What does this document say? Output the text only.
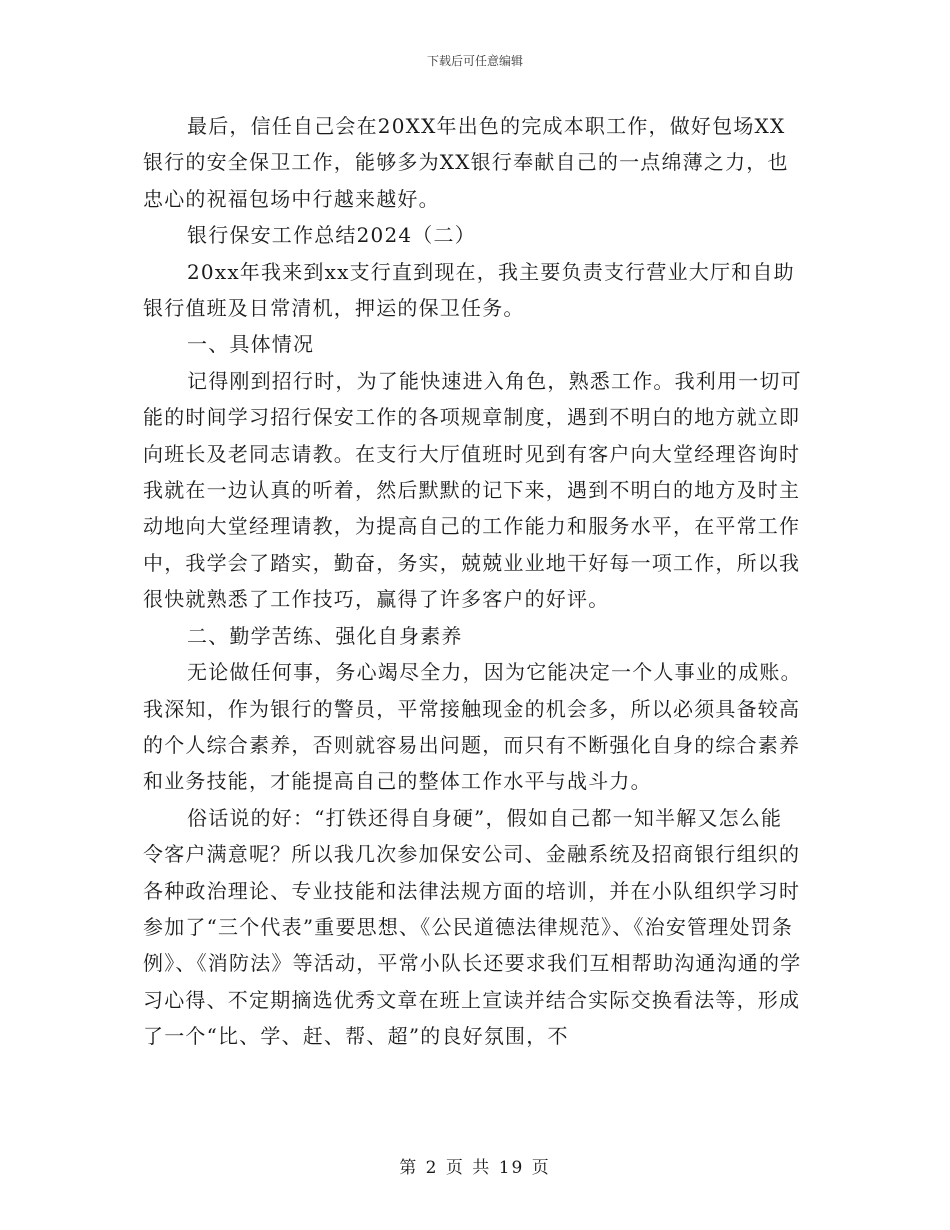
下载后可任意编辑

最后，信任自己会在20XX年出色的完成本职工作，做好包场XX银行的安全保卫工作，能够多为XX银行奉献自己的一点绵薄之力，也忠心的祝福包场中行越来越好。

银行保安工作总结2024（二）

20xx年我来到xx支行直到现在，我主要负责支行营业大厅和自助银行值班及日常清机，押运的保卫任务。

一、具体情况

记得刚到招行时，为了能快速进入角色，熟悉工作。我利用一切可能的时间学习招行保安工作的各项规章制度，遇到不明白的地方就立即向班长及老同志请教。在支行大厅值班时见到有客户向大堂经理咨询时我就在一边认真的听着，然后默默的记下来，遇到不明白的地方及时主动地向大堂经理请教，为提高自己的工作能力和服务水平，在平常工作中，我学会了踏实，勤奋，务实，兢兢业业地干好每一项工作，所以我很快就熟悉了工作技巧，赢得了许多客户的好评。

二、勤学苦练、强化自身素养

无论做任何事，务心竭尽全力，因为它能决定一个人事业的成账。我深知，作为银行的警员，平常接触现金的机会多，所以必须具备较高的个人综合素养，否则就容易出问题，而只有不断强化自身的综合素养和业务技能，才能提高自己的整体工作水平与战斗力。

俗话说的好：“打铁还得自身硬”，假如自己都一知半解又怎么能令客户满意呢？所以我几次参加保安公司、金融系统及招商银行组织的各种政治理论、专业技能和法律法规方面的培训，并在小队组织学习时参加了“三个代表”重要思想、《公民道德法律规范》、《治安管理处罚条例》、《消防法》等活动，平常小队长还要求我们互相帮助沟通沟通的学习心得、不定期摘选优秀文章在班上宣读并结合实际交换看法等，形成了一个“比、学、赶、帮、超”的良好氛围，不

第 2 页 共 19 页
